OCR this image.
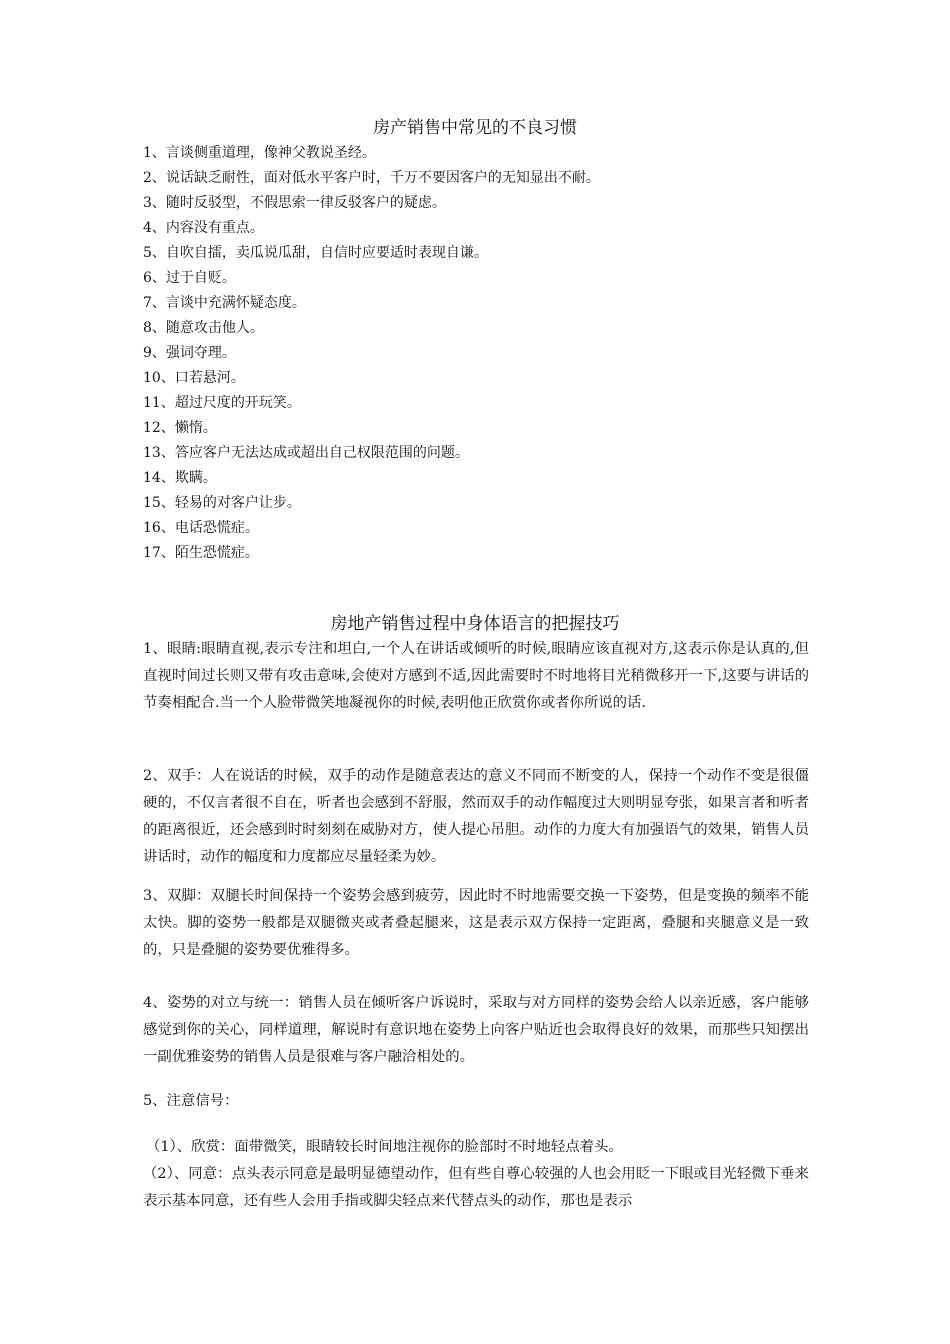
房产销售中常见的不良习惯
1、言谈侧重道理，像神父教说圣经。
2、说话缺乏耐性，面对低水平客户时，千万不要因客户的无知显出不耐。
3、随时反驳型，不假思索一律反驳客户的疑虑。
4、内容没有重点。
5、自吹自擂，卖瓜说瓜甜，自信时应要适时表现自谦。
6、过于自贬。
7、言谈中充满怀疑态度。
8、随意攻击他人。
9、强词夺理。
10、口若悬河。
11、超过尺度的开玩笑。
12、懒惰。
13、答应客户无法达成或超出自己权限范围的问题。
14、欺瞒。
15、轻易的对客户让步。
16、电话恐慌症。
17、陌生恐慌症。
房地产销售过程中身体语言的把握技巧

1、眼睛:眼睛直视,表示专注和坦白,一个人在讲话或倾听的时候,眼睛应该直视对方,这表示你是认真的,但直视时间过长则又带有攻击意味,会使对方感到不适,因此需要时不时地将目光稍微移开一下,这要与讲话的节奏相配合.当一个人脸带微笑地凝视你的时候,表明他正欣赏你或者你所说的话.

2、双手：人在说话的时候，双手的动作是随意表达的意义不同而不断变的人，保持一个动作不变是很僵硬的，不仅言者很不自在，听者也会感到不舒服，然而双手的动作幅度过大则明显夸张，如果言者和听者的距离很近，还会感到时时刻刻在威胁对方，使人提心吊胆。动作的力度大有加强语气的效果，销售人员讲话时，动作的幅度和力度都应尽量轻柔为妙。

3、双脚：双腿长时间保持一个姿势会感到疲劳，因此时不时地需要交换一下姿势，但是变换的频率不能太快。脚的姿势一般都是双腿微夹或者叠起腿来，这是表示双方保持一定距离，叠腿和夹腿意义是一致的，只是叠腿的姿势要优雅得多。

4、姿势的对立与统一：销售人员在倾听客户诉说时，采取与对方同样的姿势会给人以亲近感，客户能够感觉到你的关心，同样道理，解说时有意识地在姿势上向客户贴近也会取得良好的效果，而那些只知摆出一副优雅姿势的销售人员是很难与客户融洽相处的。

5、注意信号：

（1）、欣赏：面带微笑，眼睛较长时间地注视你的脸部时不时地轻点着头。

（2）、同意：点头表示同意是最明显德望动作，但有些自尊心较强的人也会用眨一下眼或目光轻微下垂来表示基本同意，还有些人会用手指或脚尖轻点来代替点头的动作，那也是表示
